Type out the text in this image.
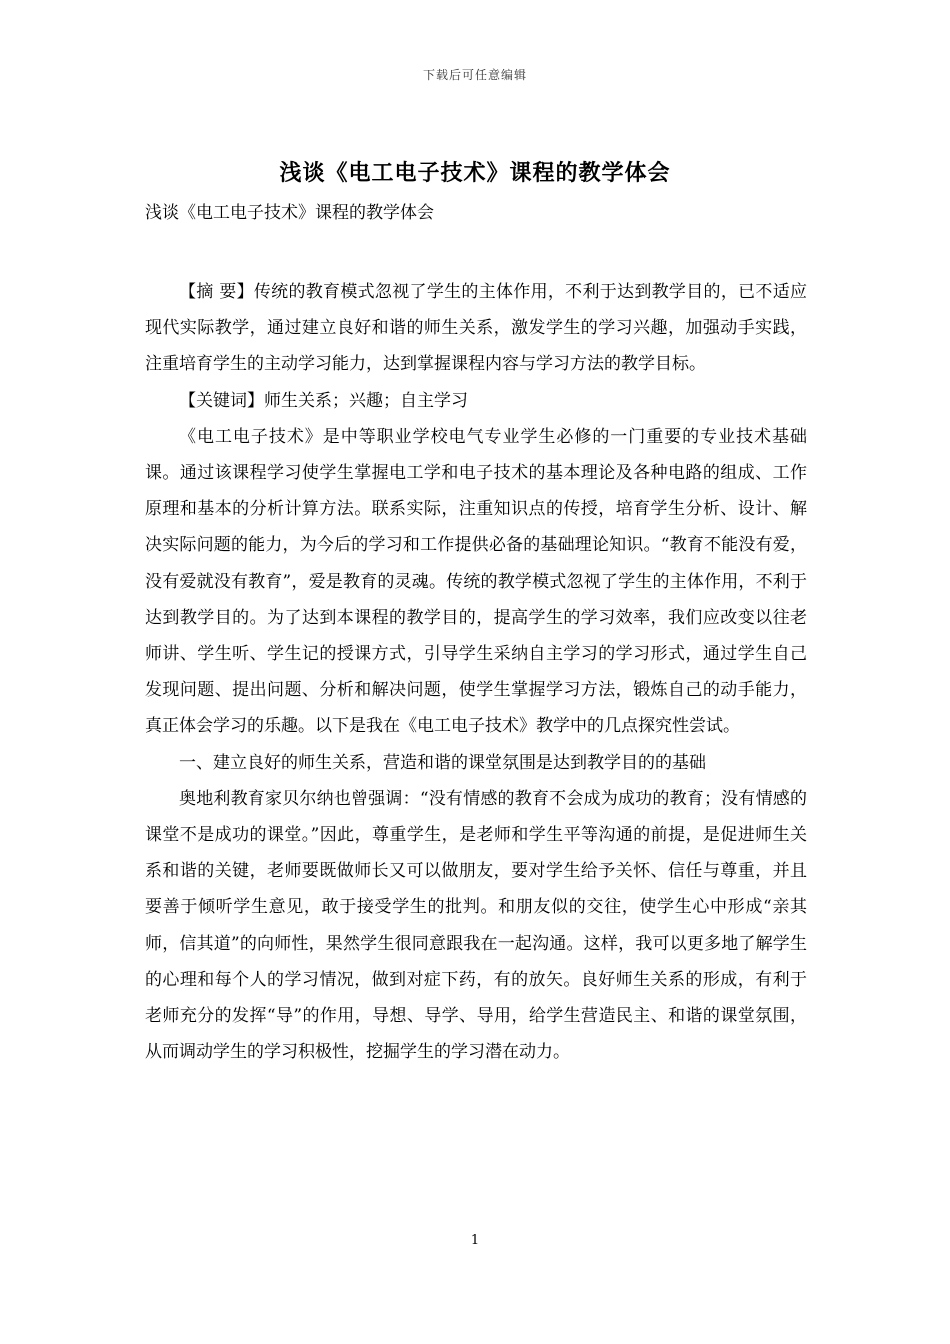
下载后可任意编辑
浅谈《电工电子技术》课程的教学体会
浅谈《电工电子技术》课程的教学体会

【摘 要】传统的教育模式忽视了学生的主体作用，不利于达到教学目的，已不适应现代实际教学，通过建立良好和谐的师生关系，激发学生的学习兴趣，加强动手实践，注重培育学生的主动学习能力，达到掌握课程内容与学习方法的教学目标。

【关键词】师生关系；兴趣；自主学习

《电工电子技术》是中等职业学校电气专业学生必修的一门重要的专业技术基础课。通过该课程学习使学生掌握电工学和电子技术的基本理论及各种电路的组成、工作原理和基本的分析计算方法。联系实际，注重知识点的传授，培育学生分析、设计、解决实际问题的能力，为今后的学习和工作提供必备的基础理论知识。“教育不能没有爱，没有爱就没有教育”，爱是教育的灵魂。传统的教学模式忽视了学生的主体作用，不利于达到教学目的。为了达到本课程的教学目的，提高学生的学习效率，我们应改变以往老师讲、学生听、学生记的授课方式，引导学生采纳自主学习的学习形式，通过学生自己发现问题、提出问题、分析和解决问题，使学生掌握学习方法，锻炼自己的动手能力，真正体会学习的乐趣。以下是我在《电工电子技术》教学中的几点探究性尝试。

一、建立良好的师生关系，营造和谐的课堂氛围是达到教学目的的基础

奥地利教育家贝尔纳也曾强调：“没有情感的教育不会成为成功的教育；没有情感的课堂不是成功的课堂。”因此，尊重学生，是老师和学生平等沟通的前提，是促进师生关系和谐的关键，老师要既做师长又可以做朋友，要对学生给予关怀、信任与尊重，并且要善于倾听学生意见，敢于接受学生的批判。和朋友似的交往，使学生心中形成“亲其师，信其道”的向师性，果然学生很同意跟我在一起沟通。这样，我可以更多地了解学生的心理和每个人的学习情况，做到对症下药，有的放矢。良好师生关系的形成，有利于老师充分的发挥“导”的作用，导想、导学、导用，给学生营造民主、和谐的课堂氛围，从而调动学生的学习积极性，挖掘学生的学习潜在动力。

1
